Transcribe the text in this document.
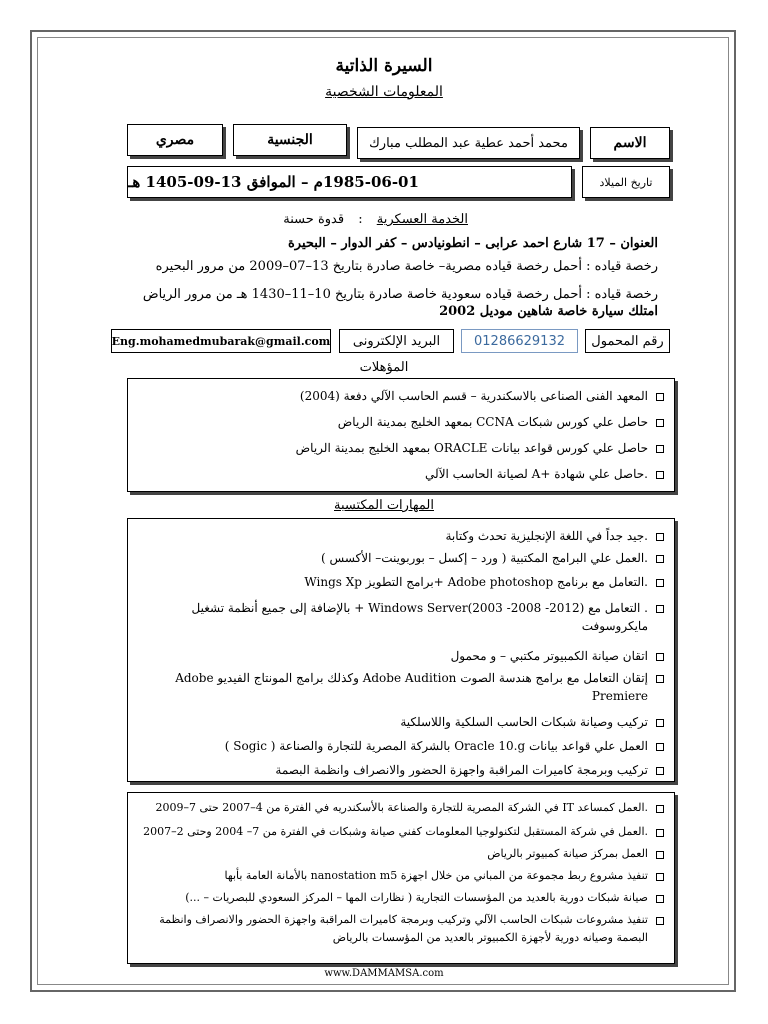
السيرة الذاتية
المعلومات الشخصية
الاسم
محمد أحمد عطية عبد المطلب مبارك
الجنسية
مصري
تاريخ الميلاد
1985-06-01م – الموافق 13-09-1405 هـ
الخدمة العسكرية : قدوة حسنة
العنوان – 17 شارع احمد عرابى – انطونيادس – كفر الدوار – البحيرة
رخصة قياده : أحمل رخصة قياده مصرية– خاصة صادرة بتاريخ 13–07–2009 من مرور البحيره
رخصة قياده : أحمل رخصة قياده سعودية خاصة صادرة بتاريخ 10–11–1430 هـ من مرور الرياض
امتلك سيارة خاصة شاهين موديل 2002
Eng.mohamedmubarak@gmail.com	البريد الإلكترونى	01286629132	رقم المحمول
المؤهلات
المعهد الفنى الصناعى بالاسكندرية – قسم الحاسب الآلي دفعة (2004)
حاصل علي كورس شبكات CCNA بمعهد الخليج بمدينة الرياض
حاصل علي كورس قواعد بيانات ORACLE بمعهد الخليج بمدينة الرياض
.حاصل علي شهادة +A لصيانة الحاسب الآلي
المهارات المكتسبة
.جيد جداً في اللغة الإنجليزية تحدث وكتابة
.العمل علي البرامج المكتبية ( ورد – إكسل – بوربوينت– الأكسس )
.التعامل مع برنامج Adobe photoshop +برامج التطويز Wings Xp
. التعامل مع (2012- 2008- 2003)Windows Server + بالإضافة إلى جميع أنظمة تشغيل مايكروسوفت
اتقان صيانة الكمبيوتر مكتبي – و محمول
إتقان التعامل مع برامج هندسة الصوت Adobe Audition وكذلك برامج المونتاج الفيديو Adobe Premiere
تركيب وصيانة شبكات الحاسب السلكية واللاسلكية
العمل علي قواعد بيانات Oracle 10.g بالشركة المصرية للتجارة والصناعة ( Sogic )
تركيب وبرمجة كاميرات المراقبة واجهزة الحضور والانصراف وانظمة البصمة
.العمل كمساعد IT في الشركة المصرية للتجارة والصناعة بالأسكندريه في الفترة من 4–2007 حتى 7–2009
.العمل في شركة المستقبل لتكنولوجيا المعلومات كفني صيانة وشبكات في الفترة من 7– 2004 وحتى 2–2007
العمل بمركز صيانة كمبيوتر بالرياض
تنفيذ مشروع ربط مجموعة من المباني من خلال اجهزة nanostation m5 بالأمانة العامة بأبها
صيانة شبكات دورية بالعديد من المؤسسات التجارية ( نظارات المها – المركز السعودي للبصريات – ...)
تنفيذ مشروعات شبكات الحاسب الآلي وتركيب وبرمجة كاميرات المراقبة واجهزة الحضور والانصراف وانظمة البصمة وصيانه دورية لأجهزة الكمبيوتر بالعديد من المؤسسات بالرياض
www.DAMMAMSA.com
